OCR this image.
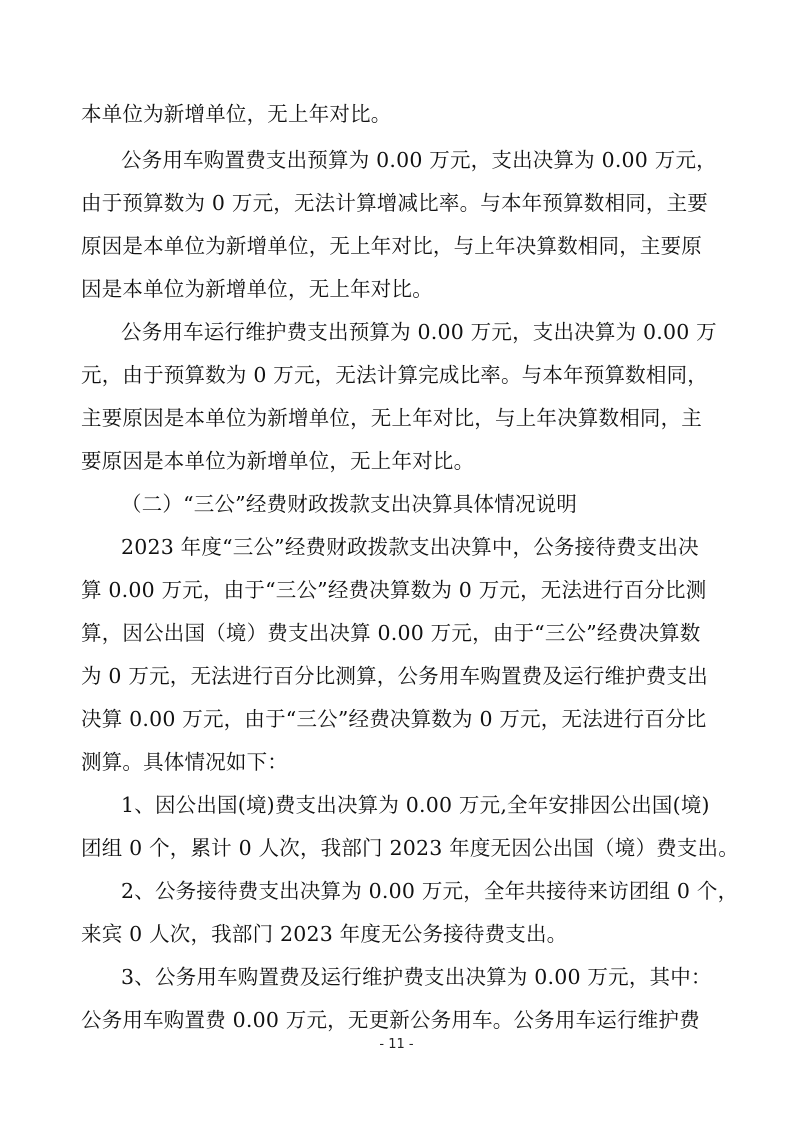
本单位为新增单位，无上年对比。
公务用车购置费支出预算为 0.00 万元，支出决算为 0.00 万元，
由于预算数为 0 万元，无法计算增减比率。与本年预算数相同，主要
原因是本单位为新增单位，无上年对比，与上年决算数相同，主要原
因是本单位为新增单位，无上年对比。
公务用车运行维护费支出预算为 0.00 万元，支出决算为 0.00 万
元，由于预算数为 0 万元，无法计算完成比率。与本年预算数相同，
主要原因是本单位为新增单位，无上年对比，与上年决算数相同，主
要原因是本单位为新增单位，无上年对比。
（二）“三公”经费财政拨款支出决算具体情况说明
2023 年度“三公”经费财政拨款支出决算中，公务接待费支出决
算 0.00 万元，由于“三公”经费决算数为 0 万元，无法进行百分比测
算，因公出国（境）费支出决算 0.00 万元，由于“三公”经费决算数
为 0 万元，无法进行百分比测算，公务用车购置费及运行维护费支出
决算 0.00 万元，由于“三公”经费决算数为 0 万元，无法进行百分比
测算。具体情况如下：
1、因公出国(境)费支出决算为 0.00 万元,全年安排因公出国(境)
团组 0 个，累计 0 人次，我部门 2023 年度无因公出国（境）费支出。
2、公务接待费支出决算为 0.00 万元，全年共接待来访团组 0 个，
来宾 0 人次，我部门 2023 年度无公务接待费支出。
3、公务用车购置费及运行维护费支出决算为 0.00 万元，其中：
公务用车购置费 0.00 万元，无更新公务用车。公务用车运行维护费
- 11 -
